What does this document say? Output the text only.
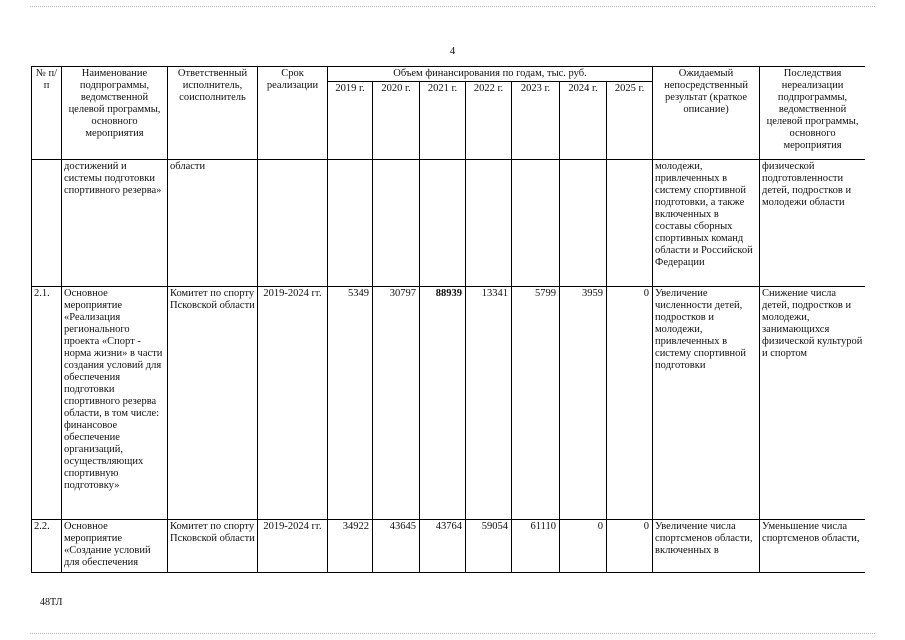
4
№ п/п	Наименование подпрограммы, ведомственной целевой программы, основного мероприятия	Ответственный исполнитель, соисполнитель	Срок реализации	Объем финансирования по годам, тыс. руб.							Ожидаемый непосредственный результат (краткое описание)	Последствия нереализации подпрограммы, ведомственной целевой программы, основного мероприятия
				2019 г.	2020 г.	2021 г.	2022 г.	2023 г.	2024 г.	2025 г.		
	достижений и системы подготовки спортивного резерва»	области									молодежи, привлеченных в систему спортивной подготовки, а также включенных в составы сборных спортивных команд области и Российской Федерации	физической подготовленности детей, подростков и молодежи области
2.1.	Основное мероприятие «Реализация регионального проекта «Спорт - норма жизни» в части создания условий для обеспечения подготовки спортивного резерва области, в том числе: финансовое обеспечение организаций, осуществляющих спортивную подготовку»	Комитет по спорту Псковской области	2019-2024 гг.	5349	30797	88939	13341	5799	3959	0	Увеличение численности детей, подростков и молодежи, привлеченных в систему спортивной подготовки	Снижение числа детей, подростков и молодежи, занимающихся физической культурой и спортом
2.2.	Основное мероприятие «Создание условий для обеспечения	Комитет по спорту Псковской области	2019-2024 гг.	34922	43645	43764	59054	61110	0	0	Увеличение числа спортсменов области, включенных в	Уменьшение числа спортсменов области,
48ТЛ
